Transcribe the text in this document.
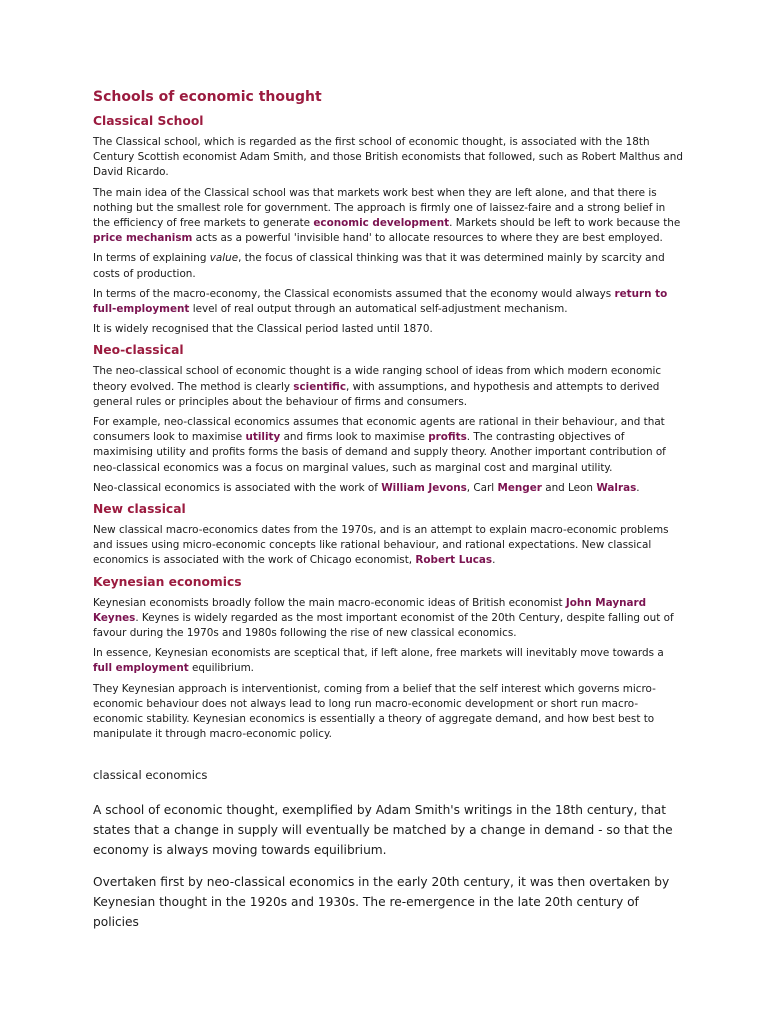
Schools of economic thought
Classical School

The Classical school, which is regarded as the first school of economic thought, is associated with the 18th Century Scottish economist Adam Smith, and those British economists that followed, such as Robert Malthus and David Ricardo.

The main idea of the Classical school was that markets work best when they are left alone, and that there is nothing but the smallest role for government. The approach is firmly one of laissez-faire and a strong belief in the efficiency of free markets to generate economic development. Markets should be left to work because the price mechanism acts as a powerful 'invisible hand' to allocate resources to where they are best employed.

In terms of explaining value, the focus of classical thinking was that it was determined mainly by scarcity and costs of production.

In terms of the macro-economy, the Classical economists assumed that the economy would always return to full-employment level of real output through an automatical self-adjustment mechanism.

It is widely recognised that the Classical period lasted until 1870.

Neo-classical

The neo-classical school of economic thought is a wide ranging school of ideas from which modern economic theory evolved. The method is clearly scientific, with assumptions, and hypothesis and attempts to derived general rules or principles about the behaviour of firms and consumers.

For example, neo-classical economics assumes that economic agents are rational in their behaviour, and that consumers look to maximise utility and firms look to maximise profits. The contrasting objectives of maximising utility and profits forms the basis of demand and supply theory. Another important contribution of neo-classical economics was a focus on marginal values, such as marginal cost and marginal utility.

Neo-classical economics is associated with the work of William Jevons, Carl Menger and Leon Walras.

New classical

New classical macro-economics dates from the 1970s, and is an attempt to explain macro-economic problems and issues using micro-economic concepts like rational behaviour, and rational expectations. New classical economics is associated with the work of Chicago economist, Robert Lucas.

Keynesian economics

Keynesian economists broadly follow the main macro-economic ideas of British economist John Maynard Keynes. Keynes is widely regarded as the most important economist of the 20th Century, despite falling out of favour during the 1970s and 1980s following the rise of new classical economics.

In essence, Keynesian economists are sceptical that, if left alone, free markets will inevitably move towards a full employment equilibrium.

They Keynesian approach is interventionist, coming from a belief that the self interest which governs micro-economic behaviour does not always lead to long run macro-economic development or short run macro-economic stability. Keynesian economics is essentially a theory of aggregate demand, and how best best to manipulate it through macro-economic policy.

classical economics

A school of economic thought, exemplified by Adam Smith's writings in the 18th century, that states that a change in supply will eventually be matched by a change in demand - so that the economy is always moving towards equilibrium.

Overtaken first by neo-classical economics in the early 20th century, it was then overtaken by Keynesian thought in the 1920s and 1930s. The re-emergence in the late 20th century of policies
